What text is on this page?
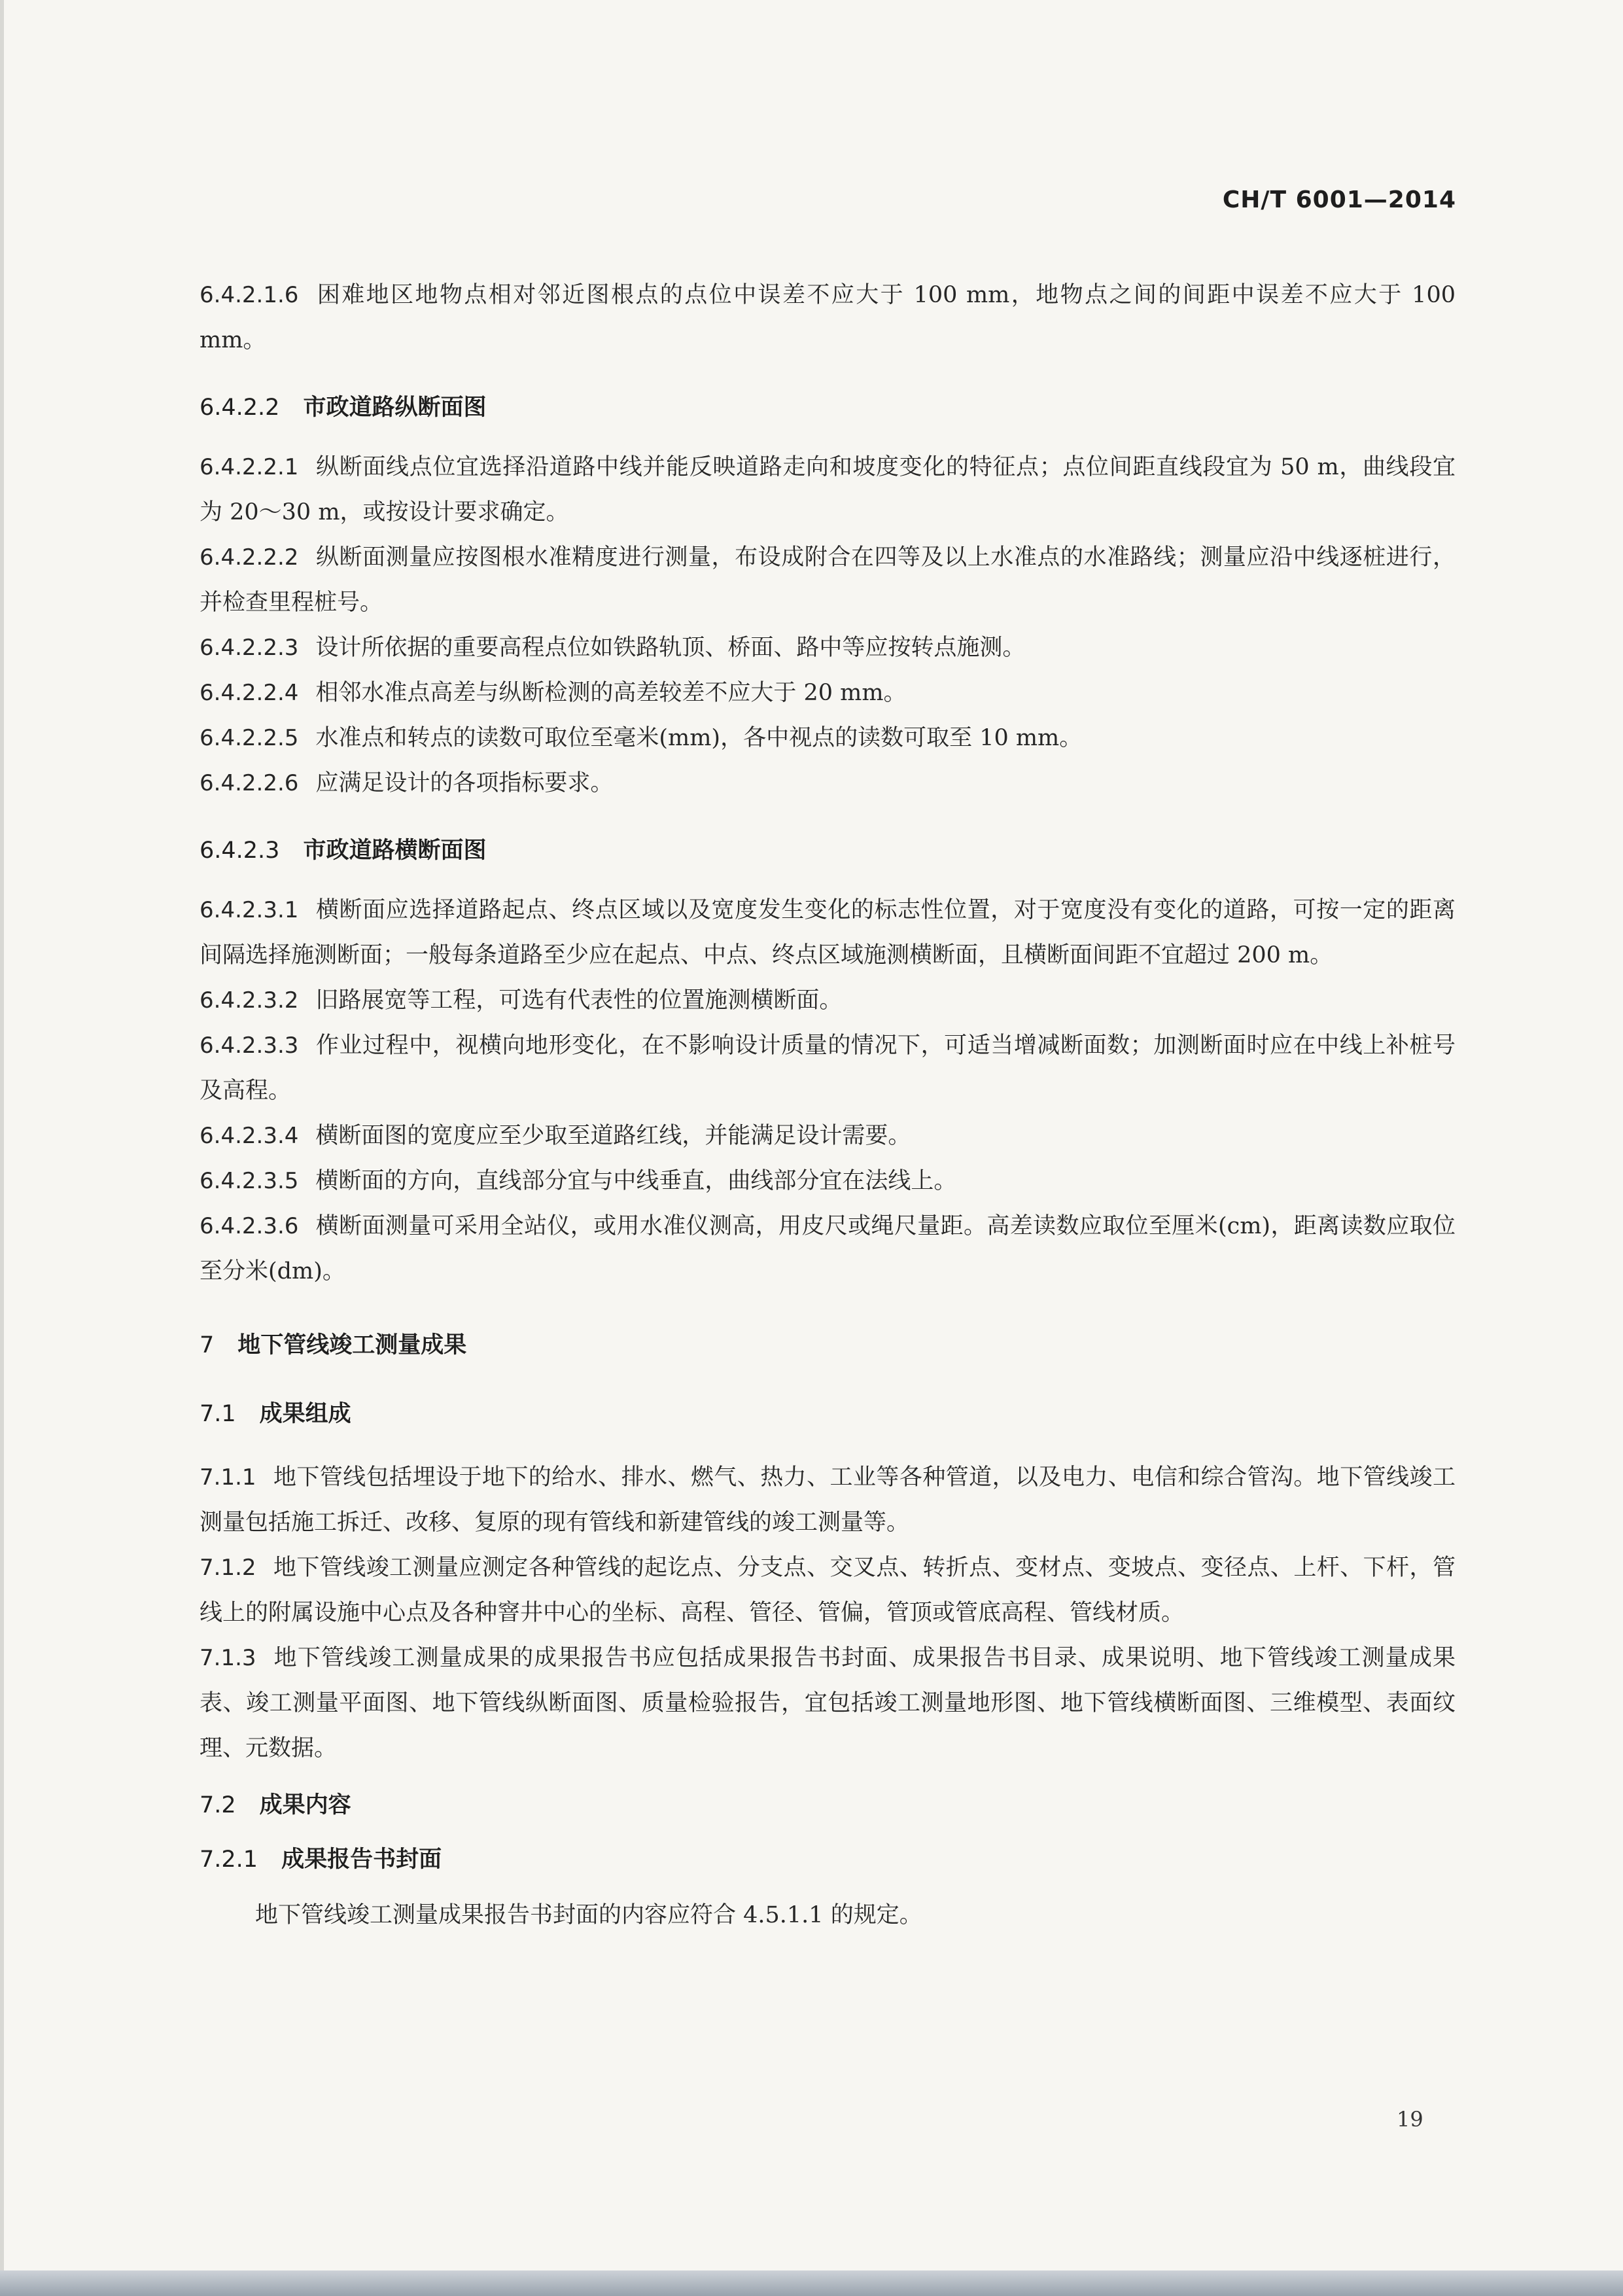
CH/T 6001—2014
6.4.2.1.6 困难地区地物点相对邻近图根点的点位中误差不应大于 100 mm，地物点之间的间距中误差不应大于 100 mm。
6.4.2.2 市政道路纵断面图
6.4.2.2.1 纵断面线点位宜选择沿道路中线并能反映道路走向和坡度变化的特征点；点位间距直线段宜为 50 m，曲线段宜为 20～30 m，或按设计要求确定。
6.4.2.2.2 纵断面测量应按图根水准精度进行测量，布设成附合在四等及以上水准点的水准路线；测量应沿中线逐桩进行，并检查里程桩号。
6.4.2.2.3 设计所依据的重要高程点位如铁路轨顶、桥面、路中等应按转点施测。
6.4.2.2.4 相邻水准点高差与纵断检测的高差较差不应大于 20 mm。
6.4.2.2.5 水准点和转点的读数可取位至毫米(mm)，各中视点的读数可取至 10 mm。
6.4.2.2.6 应满足设计的各项指标要求。
6.4.2.3 市政道路横断面图
6.4.2.3.1 横断面应选择道路起点、终点区域以及宽度发生变化的标志性位置，对于宽度没有变化的道路，可按一定的距离间隔选择施测断面；一般每条道路至少应在起点、中点、终点区域施测横断面，且横断面间距不宜超过 200 m。
6.4.2.3.2 旧路展宽等工程，可选有代表性的位置施测横断面。
6.4.2.3.3 作业过程中，视横向地形变化，在不影响设计质量的情况下，可适当增减断面数；加测断面时应在中线上补桩号及高程。
6.4.2.3.4 横断面图的宽度应至少取至道路红线，并能满足设计需要。
6.4.2.3.5 横断面的方向，直线部分宜与中线垂直，曲线部分宜在法线上。
6.4.2.3.6 横断面测量可采用全站仪，或用水准仪测高，用皮尺或绳尺量距。高差读数应取位至厘米(cm)，距离读数应取位至分米(dm)。
7 地下管线竣工测量成果
7.1 成果组成
7.1.1 地下管线包括埋设于地下的给水、排水、燃气、热力、工业等各种管道，以及电力、电信和综合管沟。地下管线竣工测量包括施工拆迁、改移、复原的现有管线和新建管线的竣工测量等。
7.1.2 地下管线竣工测量应测定各种管线的起讫点、分支点、交叉点、转折点、变材点、变坡点、变径点、上杆、下杆，管线上的附属设施中心点及各种窨井中心的坐标、高程、管径、管偏，管顶或管底高程、管线材质。
7.1.3 地下管线竣工测量成果的成果报告书应包括成果报告书封面、成果报告书目录、成果说明、地下管线竣工测量成果表、竣工测量平面图、地下管线纵断面图、质量检验报告，宜包括竣工测量地形图、地下管线横断面图、三维模型、表面纹理、元数据。
7.2 成果内容
7.2.1 成果报告书封面
地下管线竣工测量成果报告书封面的内容应符合 4.5.1.1 的规定。
19
